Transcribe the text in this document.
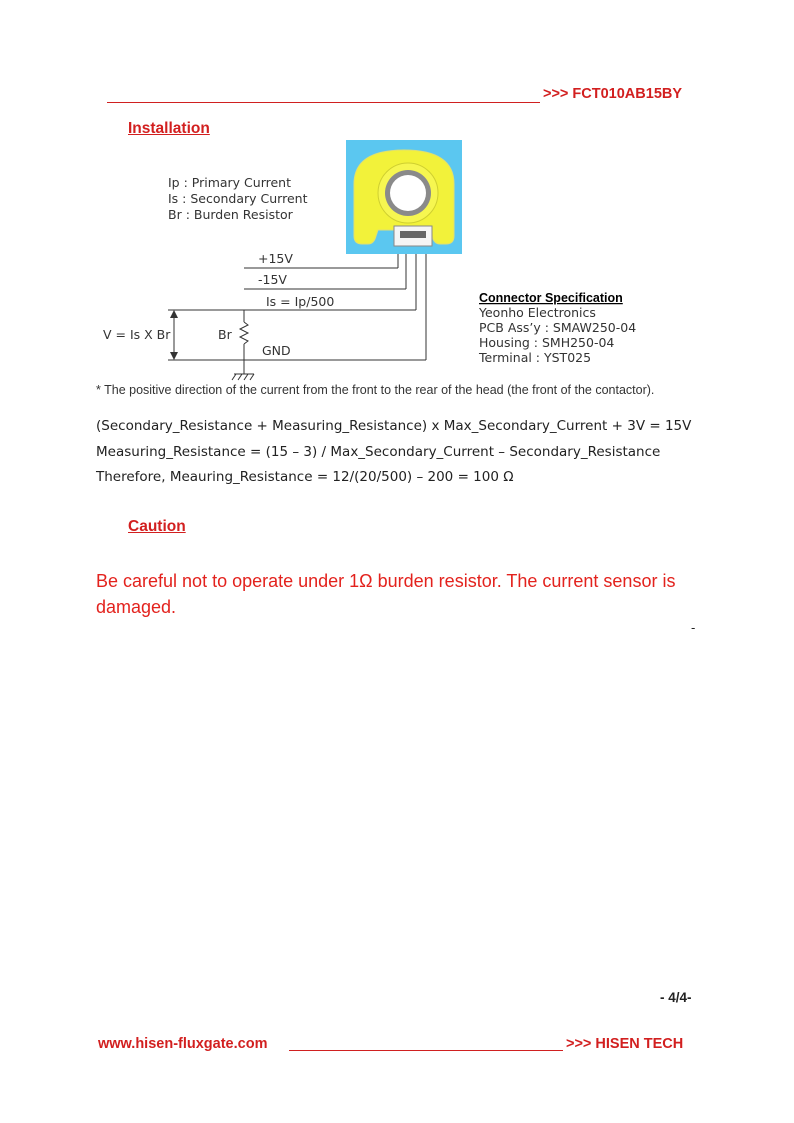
>>> FCT010AB15BY
Installation
Ip : Primary Current
Is : Secondary Current
Br : Burden Resistor
+15V
-15V
Is = Ip/500
GND
V = Is X Br	Br
Connector Specification
Yeonho Electronics
PCB Ass’y : SMAW250-04
Housing : SMH250-04
Terminal : YST025
* The positive direction of the current from the front to the rear of the head (the front of the contactor).
(Secondary_Resistance + Measuring_Resistance) x Max_Secondary_Current + 3V = 15V
Measuring_Resistance = (15 – 3) / Max_Secondary_Current – Secondary_Resistance
Therefore, Meauring_Resistance = 12/(20/500) – 200 = 100 Ω
Caution
Be careful not to operate under 1Ω burden resistor. The current sensor is damaged.
-
- 4/4-
www.hisen-fluxgate.com	>>> HISEN TECH
